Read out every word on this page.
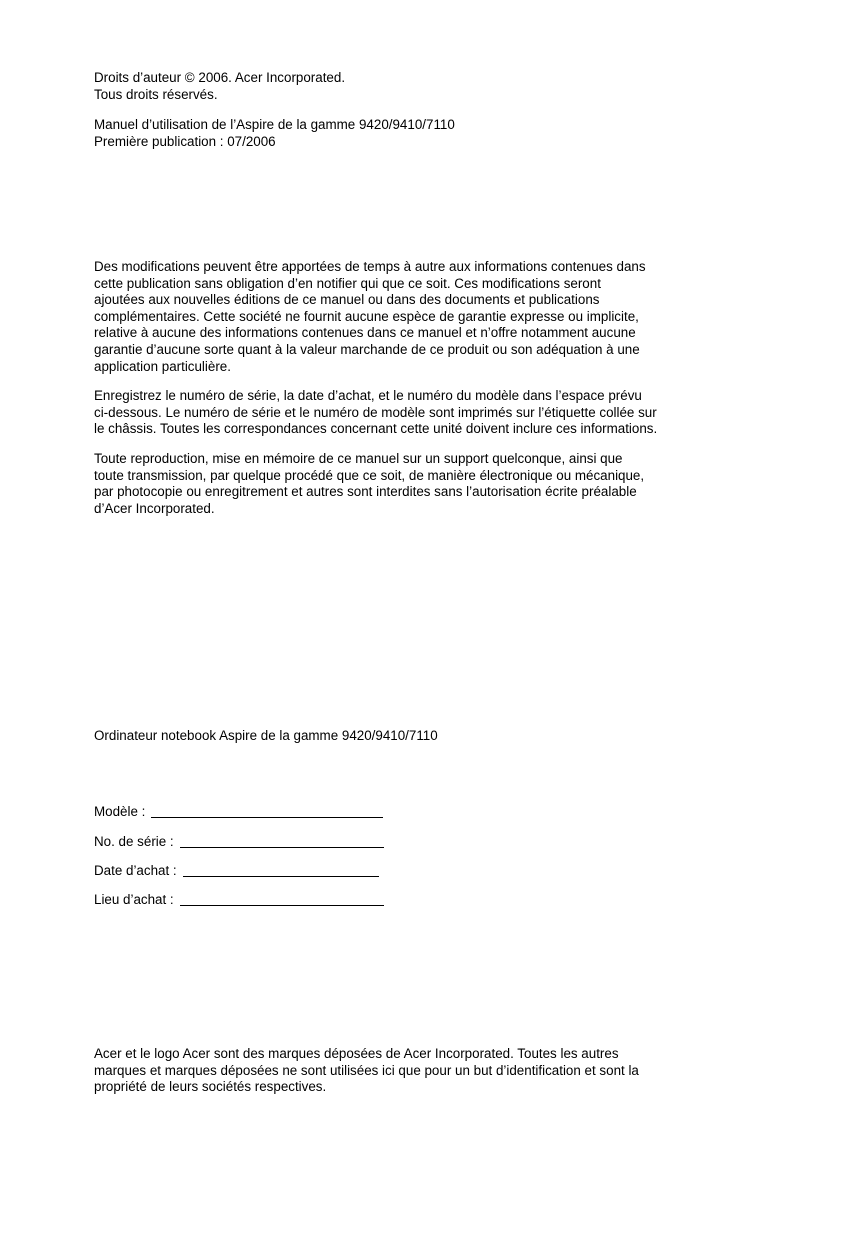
Droits d’auteur © 2006. Acer Incorporated.
Tous droits réservés.
Manuel d’utilisation de l’Aspire de la gamme 9420/9410/7110
Première publication : 07/2006
Des modifications peuvent être apportées de temps à autre aux informations contenues dans
cette publication sans obligation d’en notifier qui que ce soit. Ces modifications seront
ajoutées aux nouvelles éditions de ce manuel ou dans des documents et publications
complémentaires. Cette société ne fournit aucune espèce de garantie expresse ou implicite,
relative à aucune des informations contenues dans ce manuel et n’offre notamment aucune
garantie d’aucune sorte quant à la valeur marchande de ce produit ou son adéquation à une
application particulière.
Enregistrez le numéro de série, la date d’achat, et le numéro du modèle dans l’espace prévu
ci-dessous. Le numéro de série et le numéro de modèle sont imprimés sur l’étiquette collée sur
le châssis. Toutes les correspondances concernant cette unité doivent inclure ces informations.
Toute reproduction, mise en mémoire de ce manuel sur un support quelconque, ainsi que
toute transmission, par quelque procédé que ce soit, de manière électronique ou mécanique,
par photocopie ou enregitrement et autres sont interdites sans l’autorisation écrite préalable
d’Acer Incorporated.
Ordinateur notebook Aspire de la gamme 9420/9410/7110
Modèle :
No. de série :
Date d’achat :
Lieu d’achat :
Acer et le logo Acer sont des marques déposées de Acer Incorporated. Toutes les autres
marques et marques déposées ne sont utilisées ici que pour un but d’identification et sont la
propriété de leurs sociétés respectives.
